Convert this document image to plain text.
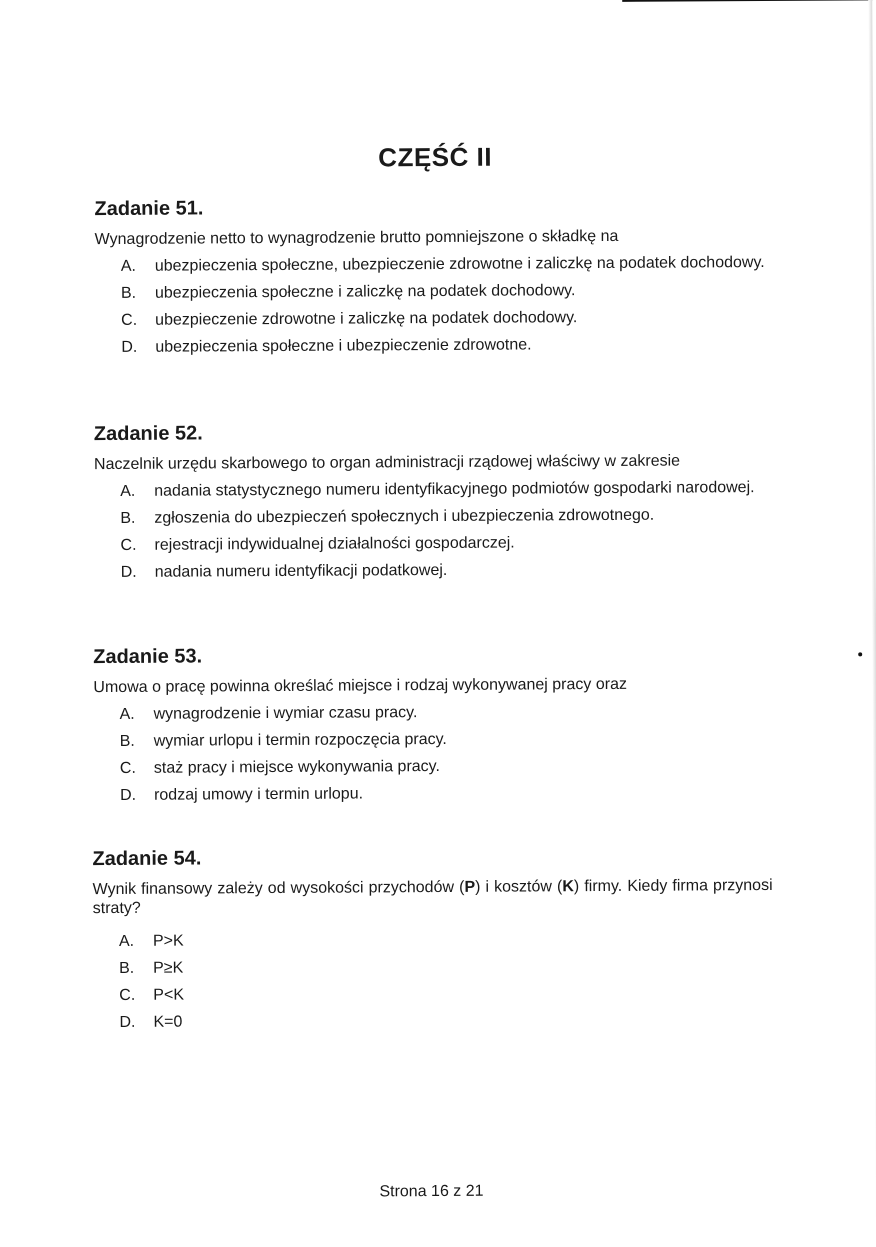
CZĘŚĆ II
Zadanie 51.
Wynagrodzenie netto to wynagrodzenie brutto pomniejszone o składkę na
A.	ubezpieczenia społeczne, ubezpieczenie zdrowotne i zaliczkę na podatek dochodowy.
B.	ubezpieczenia społeczne i zaliczkę na podatek dochodowy.
C.	ubezpieczenie zdrowotne i zaliczkę na podatek dochodowy.
D.	ubezpieczenia społeczne i ubezpieczenie zdrowotne.
Zadanie 52.
Naczelnik urzędu skarbowego to organ administracji rządowej właściwy w zakresie
A.	nadania statystycznego numeru identyfikacyjnego podmiotów gospodarki narodowej.
B.	zgłoszenia do ubezpieczeń społecznych i ubezpieczenia zdrowotnego.
C.	rejestracji indywidualnej działalności gospodarczej.
D.	nadania numeru identyfikacji podatkowej.
Zadanie 53.
Umowa o pracę powinna określać miejsce i rodzaj wykonywanej pracy oraz
A.	wynagrodzenie i wymiar czasu pracy.
B.	wymiar urlopu i termin rozpoczęcia pracy.
C.	staż pracy i miejsce wykonywania pracy.
D.	rodzaj umowy i termin urlopu.
Zadanie 54.
Wynik finansowy zależy od wysokości przychodów (P) i kosztów (K) firmy. Kiedy firma przynosi straty?
A.	P>K
B.	P≥K
C.	P<K
D.	K=0
Strona 16 z 21
